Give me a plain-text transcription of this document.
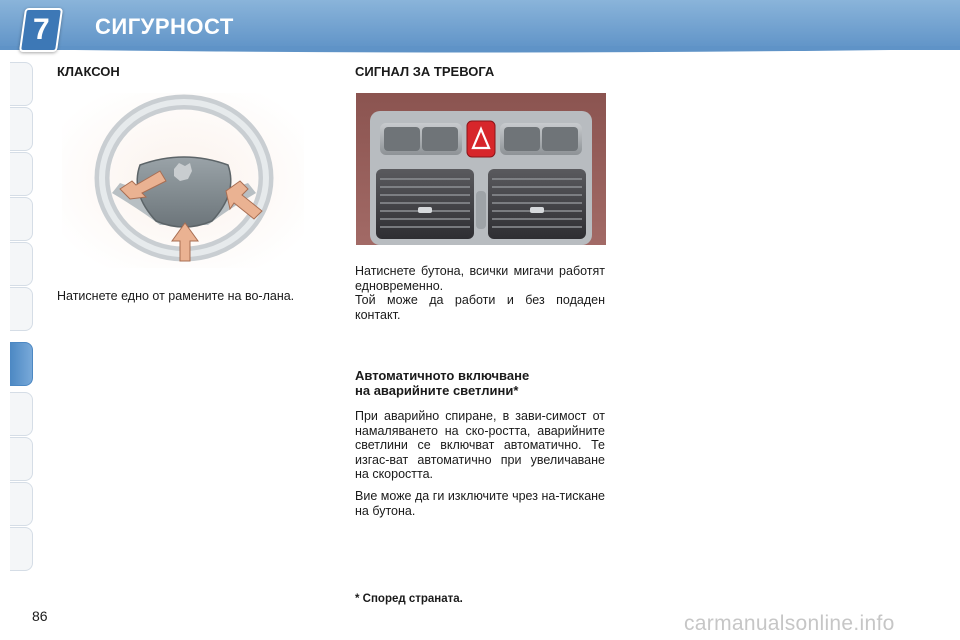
7 СИГУРНОСТ
КЛАКСОН
Натиснете едно от рамените на во-лана.
СИГНАЛ ЗА ТРЕВОГА
Натиснете бутона, всички мигачи работят едновременно.
Той може да работи и без подаден контакт.
Автоматичното включване
на аварийните светлини*
При аварийно спиране, в зави-симост от намаляването на ско-ростта, аварийните светлини се включват автоматично. Те изгас-ват автоматично при увеличаване на скоростта.
Вие може да ги изключите чрез на-тискане на бутона.
* Според страната.
86	carmanualsonline.info
